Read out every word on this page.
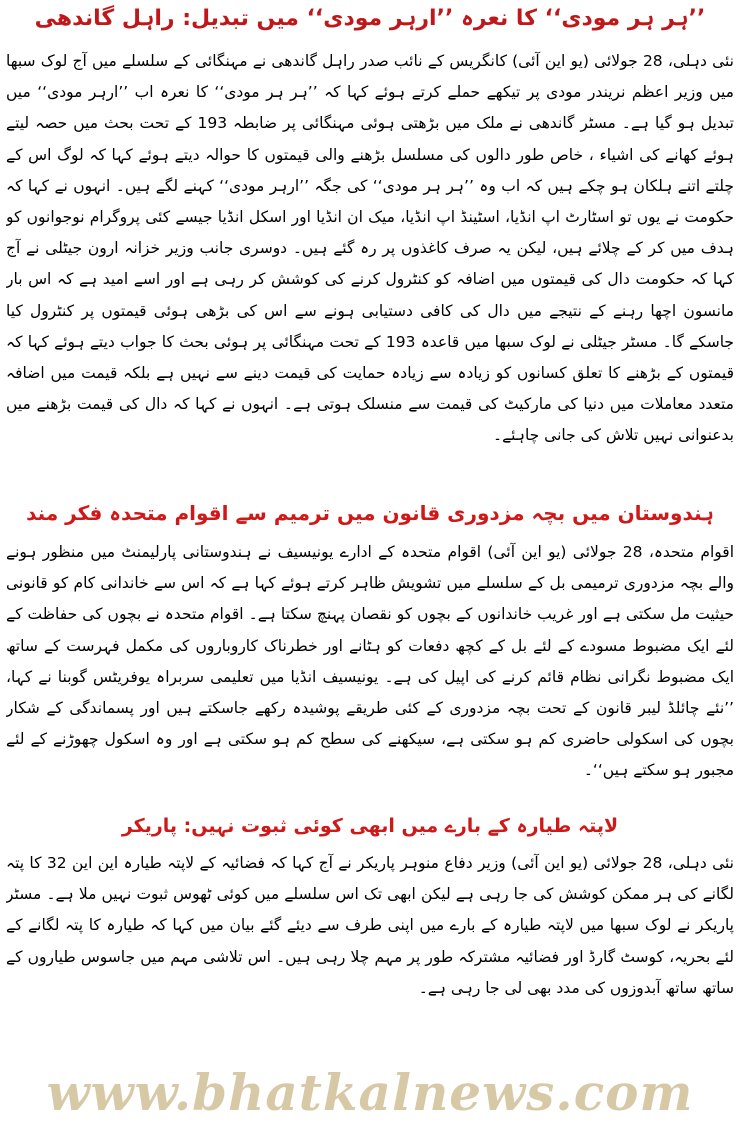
’’ہر ہر مودی‘‘ کا نعرہ ’’ارہر مودی‘‘ میں تبدیل: راہل گاندھی

نئی دہلی، 28 جولائی (یو این آئی) کانگریس کے نائب صدر راہل گاندھی نے مہنگائی کے سلسلے میں آج لوک سبھا میں وزیر اعظم نریندر مودی پر تیکھے حملے کرتے ہوئے کہا کہ ’’ہر ہر مودی‘‘ کا نعرہ اب ’’ارہر مودی‘‘ میں تبدیل ہو گیا ہے۔ مسٹر گاندھی نے ملک میں بڑھتی ہوئی مہنگائی پر ضابطہ 193 کے تحت بحث میں حصہ لیتے ہوئے کھانے کی اشیاء ، خاص طور دالوں کی مسلسل بڑھنے والی قیمتوں کا حوالہ دیتے ہوئے کہا کہ لوگ اس کے چلتے اتنے ہلکان ہو چکے ہیں کہ اب وہ ’’ہر ہر مودی‘‘ کی جگہ ’’ارہر مودی‘‘ کہنے لگے ہیں۔ انہوں نے کہا کہ حکومت نے یوں تو اسٹارٹ اپ انڈیا، اسٹینڈ اپ انڈیا، میک ان انڈیا اور اسکل انڈیا جیسے کئی پروگرام نوجوانوں کو ہدف میں کر کے چلائے ہیں، لیکن یہ صرف کاغذوں پر رہ گئے ہیں۔ دوسری جانب وزیر خزانہ ارون جیٹلی نے آج کہا کہ حکومت دال کی قیمتوں میں اضافہ کو کنٹرول کرنے کی کوشش کر رہی ہے اور اسے امید ہے کہ اس بار مانسون اچھا رہنے کے نتیجے میں دال کی کافی دستیابی ہونے سے اس کی بڑھی ہوئی قیمتوں پر کنٹرول کیا جاسکے گا۔ مسٹر جیٹلی نے لوک سبھا میں قاعدہ 193 کے تحت مہنگائی پر ہوئی بحث کا جواب دیتے ہوئے کہا کہ قیمتوں کے بڑھنے کا تعلق کسانوں کو زیادہ سے زیادہ حمایت کی قیمت دینے سے نہیں ہے بلکہ قیمت میں اضافہ متعدد معاملات میں دنیا کی مارکیٹ کی قیمت سے منسلک ہوتی ہے۔ انہوں نے کہا کہ دال کی قیمت بڑھنے میں بدعنوانی نہیں تلاش کی جانی چاہئے۔

ہندوستان میں بچہ مزدوری قانون میں ترمیم سے اقوام متحدہ فکر مند

اقوام متحدہ، 28 جولائی (یو این آئی) اقوام متحدہ کے ادارے یونیسیف نے ہندوستانی پارلیمنٹ میں منظور ہونے والے بچہ مزدوری ترمیمی بل کے سلسلے میں تشویش ظاہر کرتے ہوئے کہا ہے کہ اس سے خاندانی کام کو قانونی حیثیت مل سکتی ہے اور غریب خاندانوں کے بچوں کو نقصان پہنچ سکتا ہے۔ اقوام متحدہ نے بچوں کی حفاظت کے لئے ایک مضبوط مسودے کے لئے بل کے کچھ دفعات کو ہٹانے اور خطرناک کاروباروں کی مکمل فہرست کے ساتھ ایک مضبوط نگرانی نظام قائم کرنے کی اپیل کی ہے۔ یونیسیف انڈیا میں تعلیمی سربراہ یوفریٹس گوبنا نے کہا، ’’نئے چائلڈ لیبر قانون کے تحت بچہ مزدوری کے کئی طریقے پوشیدہ رکھے جاسکتے ہیں اور پسماندگی کے شکار بچوں کی اسکولی حاضری کم ہو سکتی ہے، سیکھنے کی سطح کم ہو سکتی ہے اور وہ اسکول چھوڑنے کے لئے مجبور ہو سکتے ہیں‘‘۔

لاپتہ طیارہ کے بارے میں ابھی کوئی ثبوت نہیں: پاریکر

نئی دہلی، 28 جولائی (یو این آئی) وزیر دفاع منوہر پاریکر نے آج کہا کہ فضائیہ کے لاپتہ طیارہ این این 32 کا پتہ لگانے کی ہر ممکن کوشش کی جا رہی ہے لیکن ابھی تک اس سلسلے میں کوئی ٹھوس ثبوت نہیں ملا ہے۔ مسٹر پاریکر نے لوک سبھا میں لاپتہ طیارہ کے بارے میں اپنی طرف سے دیئے گئے بیان میں کہا کہ طیارہ کا پتہ لگانے کے لئے بحریہ، کوسٹ گارڈ اور فضائیہ مشترکہ طور پر مہم چلا رہی ہیں۔ اس تلاشی مہم میں جاسوس طیاروں کے ساتھ ساتھ آبدوزوں کی مدد بھی لی جا رہی ہے۔

www.bhatkalnews.com
